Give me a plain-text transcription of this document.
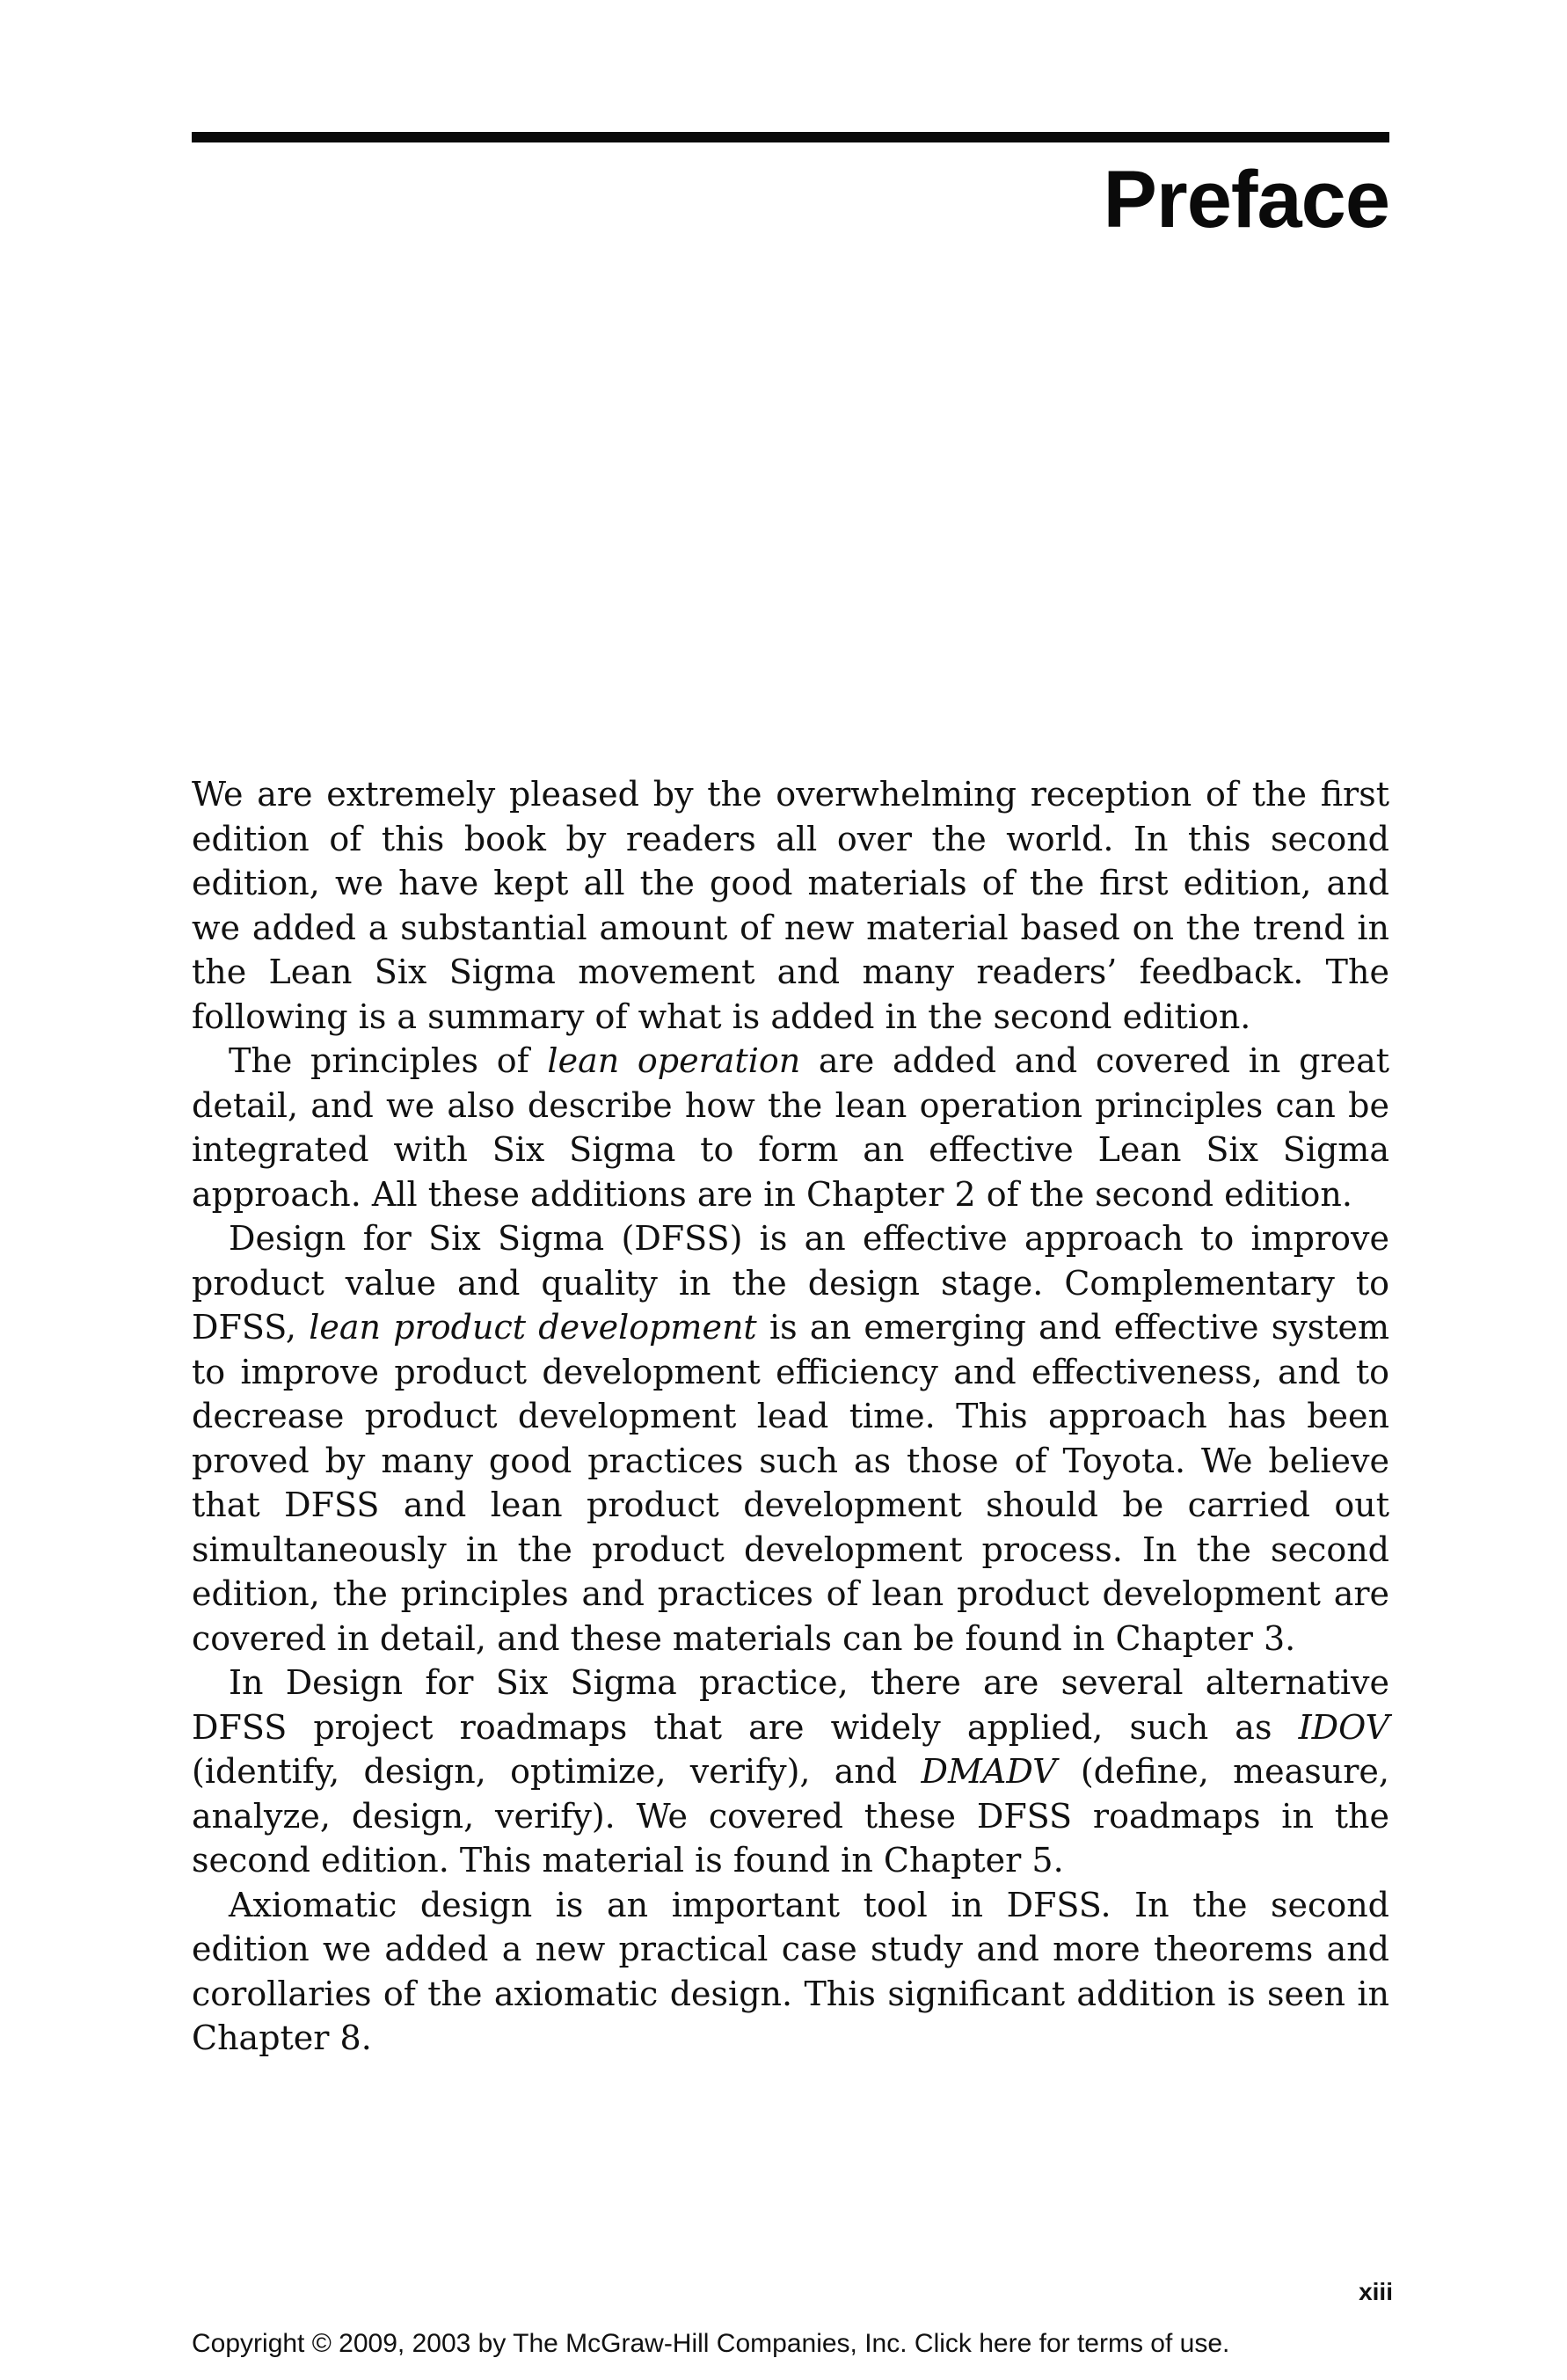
Preface

We are extremely pleased by the overwhelming reception of the first edition of this book by readers all over the world. In this second edition, we have kept all the good materials of the first edition, and we added a substantial amount of new material based on the trend in the Lean Six Sigma movement and many readers’ feedback. The following is a summary of what is added in the second edition.

The principles of lean operation are added and covered in great detail, and we also describe how the lean operation principles can be integrated with Six Sigma to form an effective Lean Six Sigma approach. All these additions are in Chapter 2 of the second edition.

Design for Six Sigma (DFSS) is an effective approach to improve product value and quality in the design stage. Complementary to DFSS, lean product development is an emerging and effective system to improve product development efficiency and effectiveness, and to decrease product development lead time. This approach has been proved by many good practices such as those of Toyota. We believe that DFSS and lean product development should be carried out simultaneously in the product development process. In the second edition, the principles and practices of lean product development are covered in detail, and these materials can be found in Chapter 3.

In Design for Six Sigma practice, there are several alternative DFSS project roadmaps that are widely applied, such as IDOV (identify, design, optimize, verify), and DMADV (define, measure, analyze, design, verify). We covered these DFSS roadmaps in the second edition. This material is found in Chapter 5.

Axiomatic design is an important tool in DFSS. In the second edition we added a new practical case study and more theorems and corollaries of the axiomatic design. This significant addition is seen in Chapter 8.

xiii
Copyright © 2009, 2003 by The McGraw-Hill Companies, Inc. Click here for terms of use.
